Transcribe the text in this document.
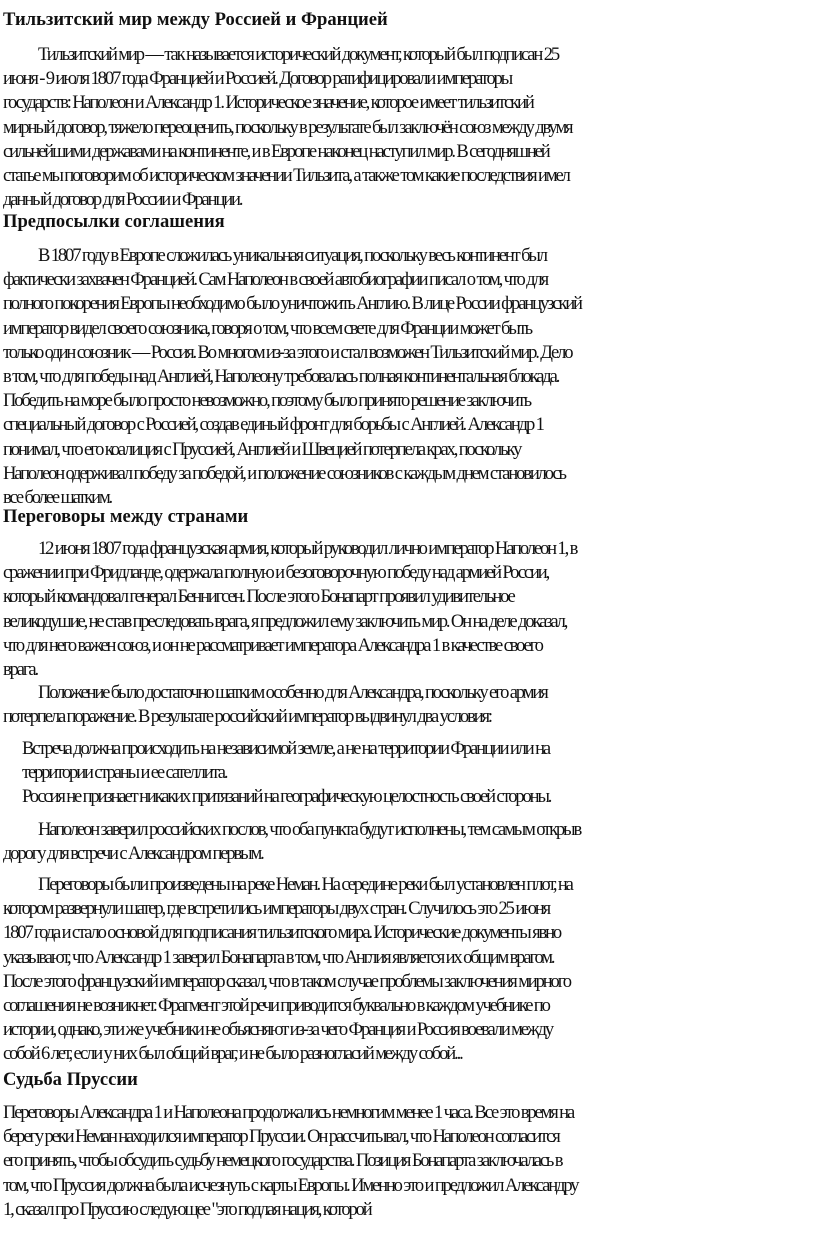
Тильзитский мир между Россией и Францией
Тильзитский мир — так называется исторический документ, который был подписан 25
июня - 9 июля 1807 года Францией и Россией. Договор ратифицировали императоры
государств: Наполеон и Александр 1. Историческое значение, которое имеет тильзитский
мирный договор, тяжело переоценить, поскольку в результате был заключён союз между двумя
сильнейшими державами на континенте, и в Европе наконец наступил мир. В сегодняшней
статье мы поговорим об историческом значении Тильзита, а также том какие последствия имел
данный договор для России и Франции.
Предпосылки соглашения
В 1807 году в Европе сложилась уникальная ситуация, поскольку весь континент был
фактически захвачен Францией. Сам Наполеон в своей автобиографии писал о том, что для
полного покорения Европы необходимо было уничтожить Англию. В лице России французский
император видел своего союзника, говоря о том, что всем свете для Франции может быть
только один союзник — Россия. Во многом из-за этого и стал возможен Тильзитский мир. Дело
в том, что для победы над Англией, Наполеону требовалась полная континентальная блокада.
Победить на море было просто невозможно, поэтому было принято решение заключить
специальный договор с Россией, создав единый фронт для борьбы с Англией. Александр 1
понимал, что его коалиция с Пруссией, Англией и Швецией потерпела крах, поскольку
Наполеон одерживал победу за победой, и положение союзников с каждым днем становилось
все более шатким.
Переговоры между странами
12 июня 1807 года французская армия, который руководил лично император Наполеон 1, в
сражении при Фридланде, одержала полную и безоговорочную победу над армией России,
который командовал генерал Беннигсен. После этого Бонапарт проявил удивительное
великодушие, не став преследовать врага, я предложил ему заключить мир. Он на деле доказал,
что для него важен союз, и он не рассматривает императора Александра 1 в качестве своего
врага.
Положение было достаточно шатким особенно для Александра, поскольку его армия
потерпела поражение. В результате российский император выдвинул два условия:
Встреча должна происходить на независимой земле, а не на территории Франции или на
территории страны и ее сателлита.
Россия не признает никаких притязаний на географическую целостность своей стороны.
Наполеон заверил российских послов, что оба пункта будут исполнены, тем самым открыв
дорогу для встречи с Александром первым.
Переговоры были произведены на реке Неман. На середине реки был установлен плот, на
котором развернули шатер, где встретились императоры двух стран. Случилось это 25 июня
1807 года и стало основой для подписания тильзитского мира. Исторические документы явно
указывают, что Александр 1 заверил Бонапарта в том, что Англия является их общим врагом.
После этого французский император сказал, что в таком случае проблемы заключения мирного
соглашения не возникнет. Фрагмент этой речи приводится буквально в каждом учебнике по
истории, однако, эти же учебники не объясняют из-за чего Франция и Россия воевали между
собой 6 лет, если у них был общий враг, и не было разногласий между собой...
Судьба Пруссии
Переговоры Александра 1 и Наполеона продолжались немногим менее 1 часа. Все это время на
берегу реки Неман находился император Пруссии. Он рассчитывал, что Наполеон согласится
его принять, чтобы обсудить судьбу немецкого государства. Позиция Бонапарта заключалась в
том, что Пруссия должна была исчезнуть с карты Европы. Именно это и предложил Александру
1, сказал про Пруссию следующее "это подлая нация, которой
